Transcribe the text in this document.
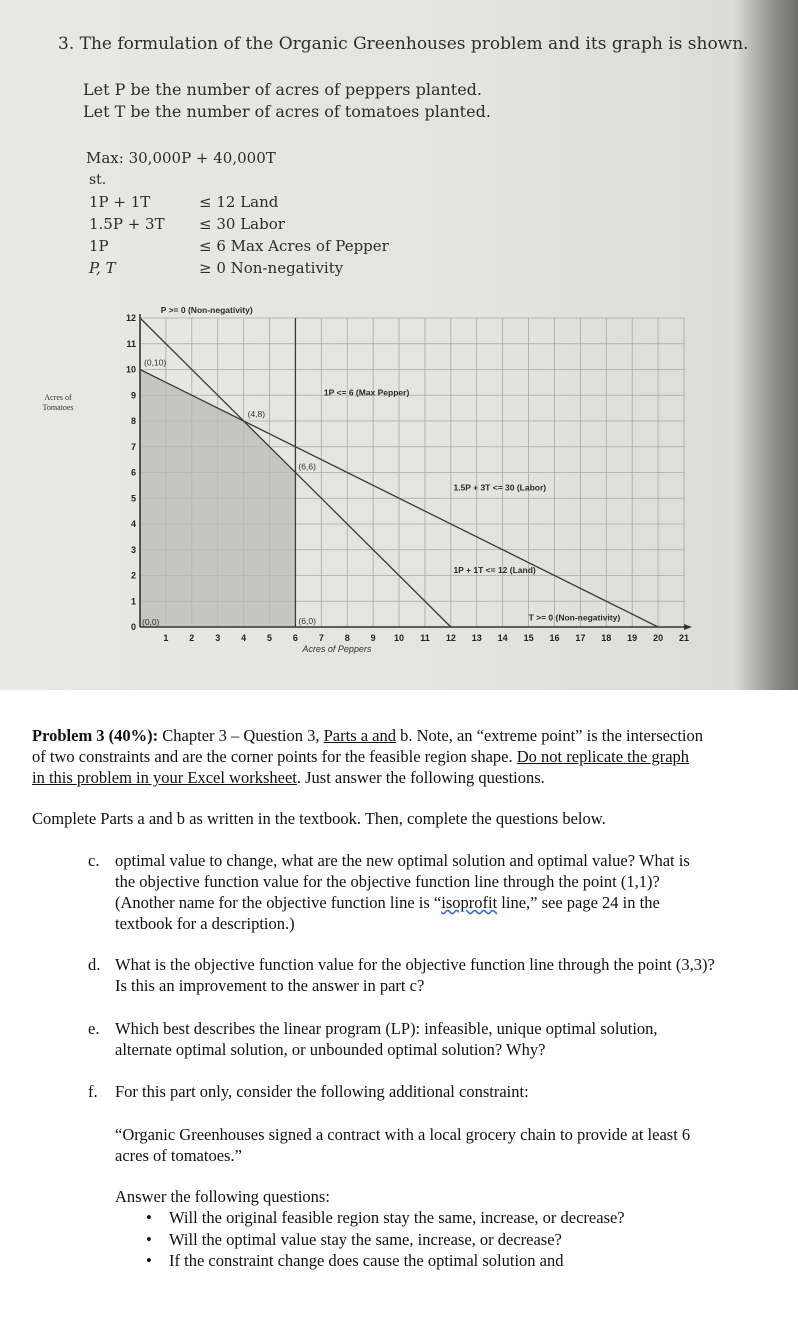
3. The formulation of the Organic Greenhouses problem and its graph is shown.
Let P be the number of acres of peppers planted.
Let T be the number of acres of tomatoes planted.
Max: 30,000P + 40,000T
st.
1P + 1T	≤ 12 Land
1.5P + 3T ≤ 30 Labor
1P	≤ 6 Max Acres of Pepper
P, T	≥ 0 Non-negativity
1 2 3 4 5 6 7 8 9 10 11 12 13 14 15 16 17 18 19 20 21
0
1
2
3
4
5
6
7
8
9
10
11
12
Acres of Peppers
Acres of
Tomatoes
(0,10)
(4,8)
(6,6)
(6,0)
(0,0)
P >= 0 (Non-negativity)
1P <= 6 (Max Pepper)
1.5P + 3T <= 30 (Labor)
1P + 1T <= 12 (Land)
T >= 0 (Non-negativity)
Problem 3 (40%): Chapter 3 – Question 3, Parts a and b. Note, an “extreme point” is the intersection
of two constraints and are the corner points for the feasible region shape. Do not replicate the graph
in this problem in your Excel worksheet. Just answer the following questions.
Complete Parts a and b as written in the textbook. Then, complete the questions below.
c. optimal value to change, what are the new optimal solution and optimal value? What is
the objective function value for the objective function line through the point (1,1)?
(Another name for the objective function line is “isoprofit line,” see page 24 in the
textbook for a description.)
d. What is the objective function value for the objective function line through the point (3,3)?
Is this an improvement to the answer in part c?
e. Which best describes the linear program (LP): infeasible, unique optimal solution,
alternate optimal solution, or unbounded optimal solution? Why?
f. For this part only, consider the following additional constraint:
“Organic Greenhouses signed a contract with a local grocery chain to provide at least 6
acres of tomatoes.”
Answer the following questions:
• Will the original feasible region stay the same, increase, or decrease?
• Will the optimal value stay the same, increase, or decrease?
• If the constraint change does cause the optimal solution and
